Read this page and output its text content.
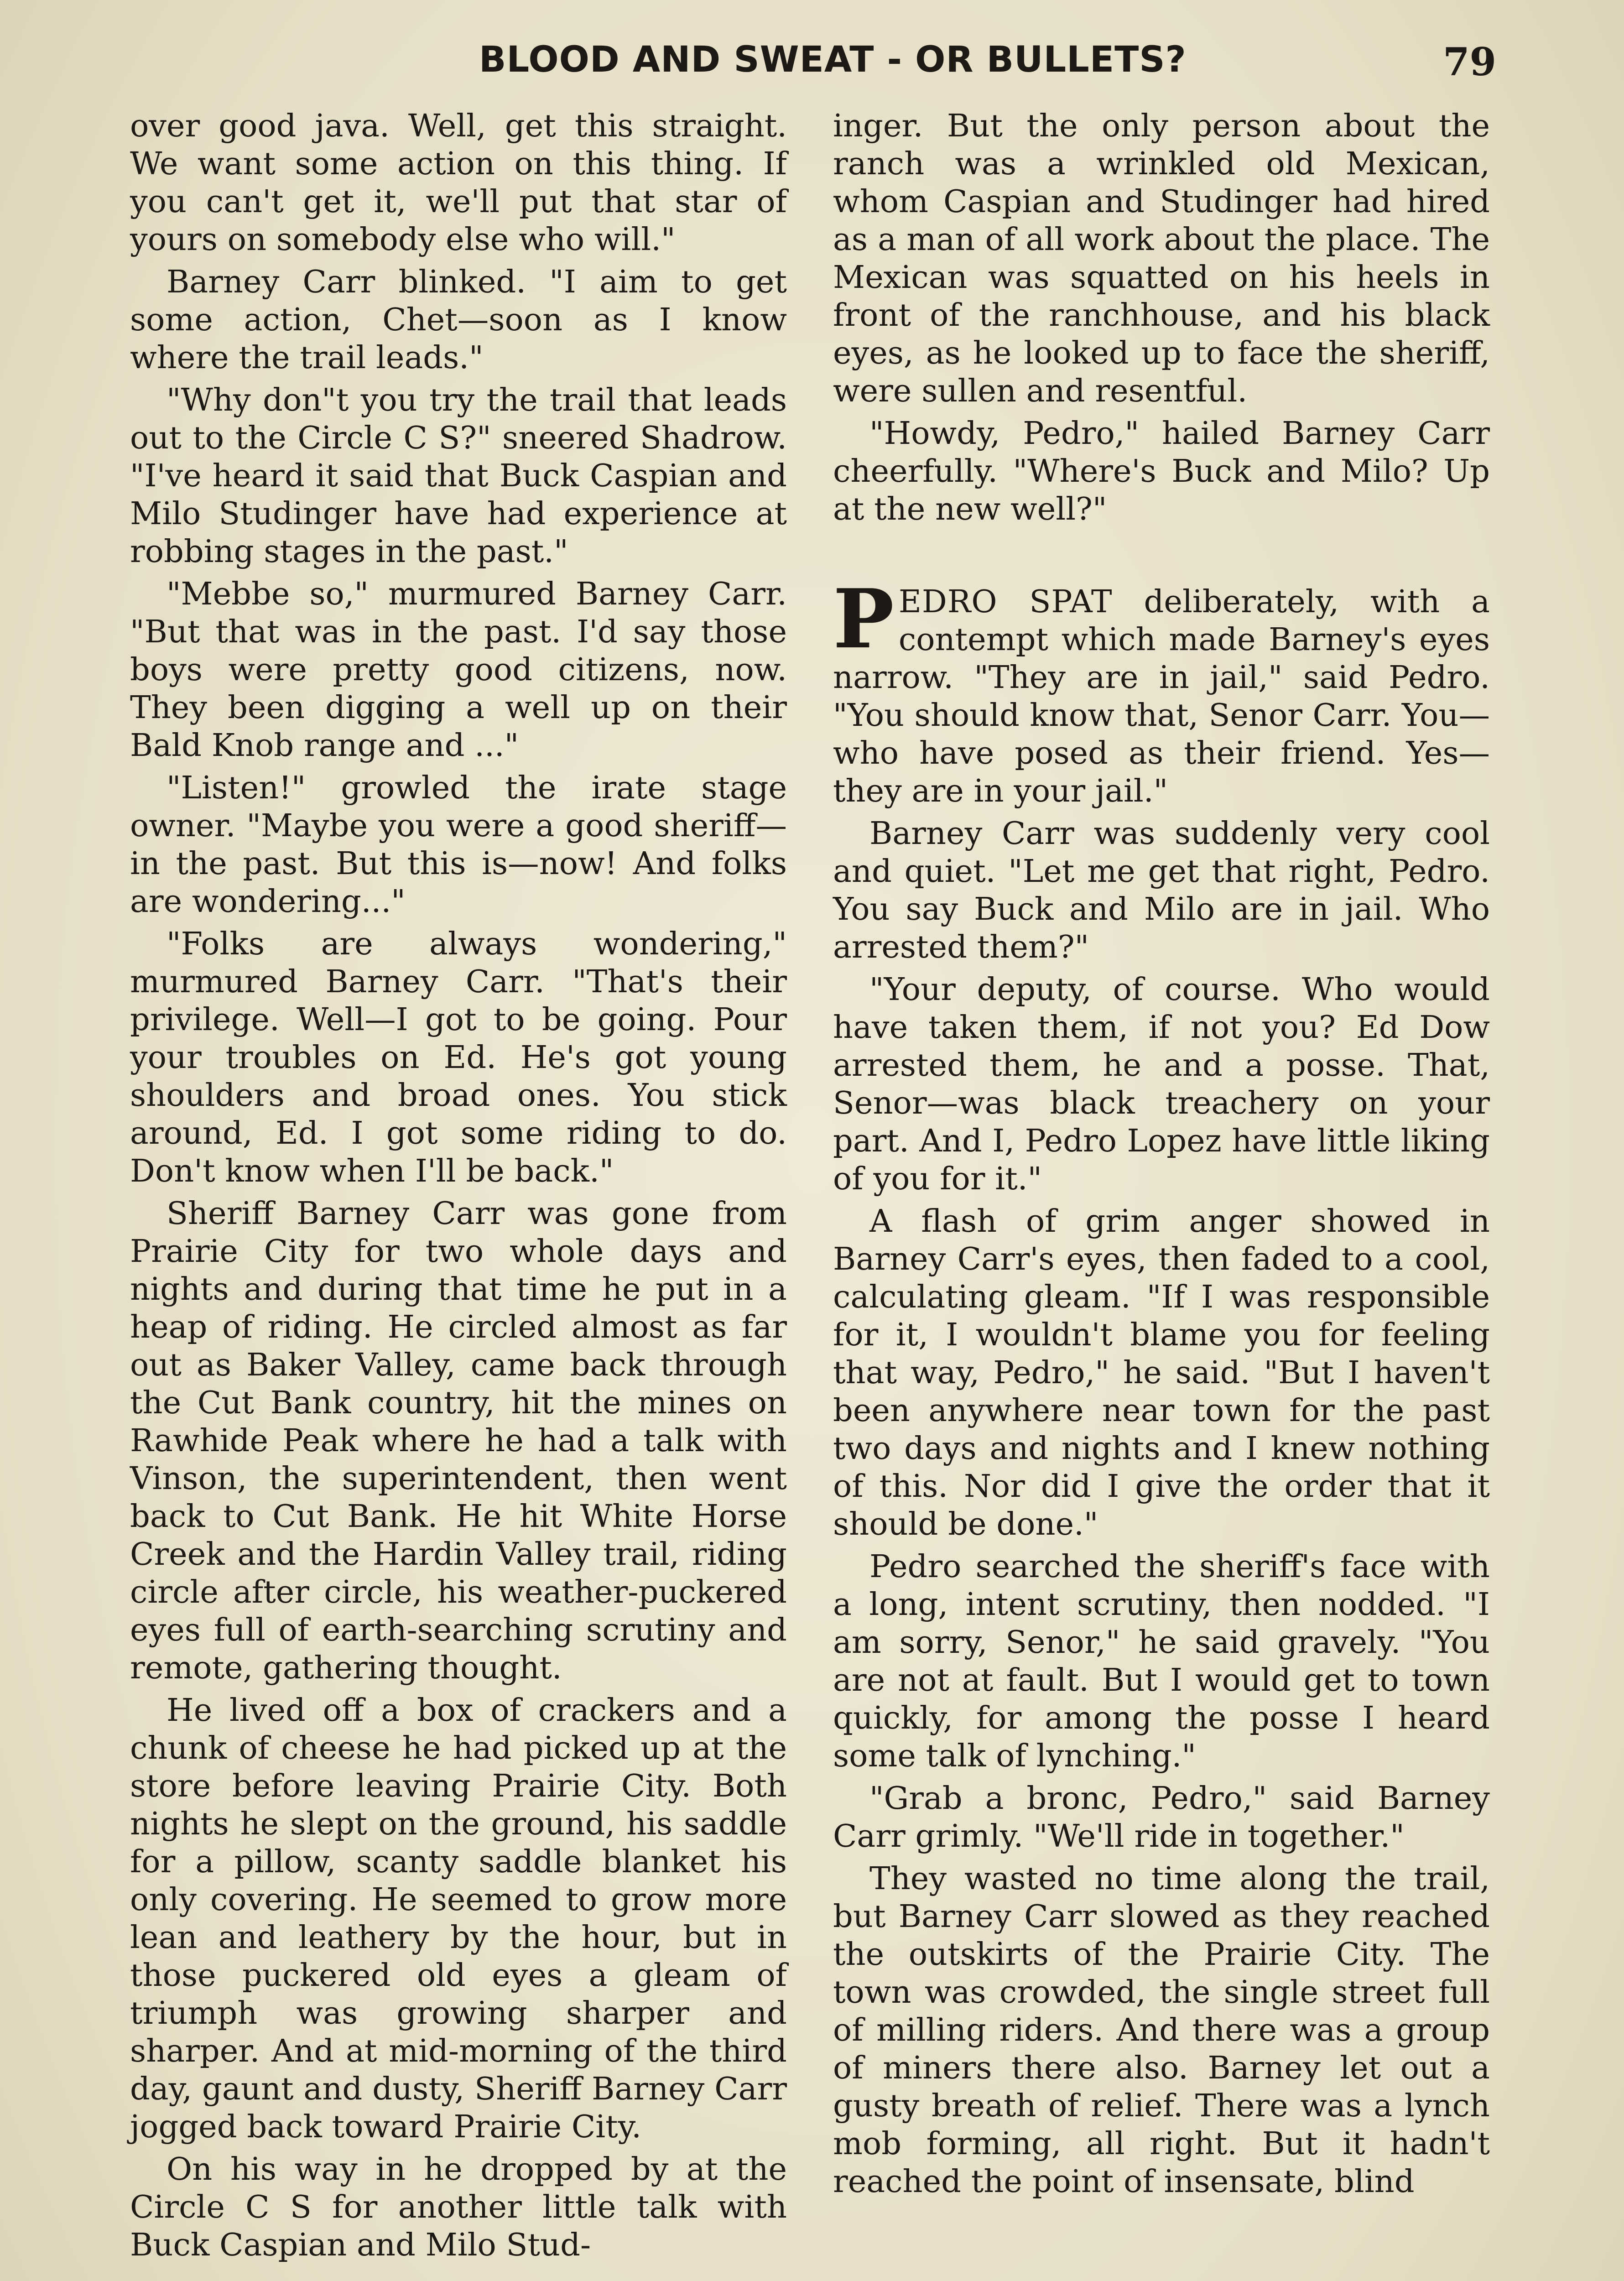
BLOOD AND SWEAT - OR BULLETS?	79

over good java. Well, get this straight. We want some action on this thing. If you can't get it, we'll put that star of yours on somebody else who will."

Barney Carr blinked. "I aim to get some action, Chet—soon as I know where the trail leads."

"Why don"t you try the trail that leads out to the Circle C S?" sneered Shadrow. "I've heard it said that Buck Caspian and Milo Studinger have had experience at robbing stages in the past."

"Mebbe so," murmured Barney Carr. "But that was in the past. I'd say those boys were pretty good citizens, now. They been digging a well up on their Bald Knob range and ..."

"Listen!" growled the irate stage owner. "Maybe you were a good sheriff—in the past. But this is—now! And folks are wondering..."

"Folks are always wondering," murmured Barney Carr. "That's their privilege. Well—I got to be going. Pour your troubles on Ed. He's got young shoulders and broad ones. You stick around, Ed. I got some riding to do. Don't know when I'll be back."

Sheriff Barney Carr was gone from Prairie City for two whole days and nights and during that time he put in a heap of riding. He circled almost as far out as Baker Valley, came back through the Cut Bank country, hit the mines on Rawhide Peak where he had a talk with Vinson, the superintendent, then went back to Cut Bank. He hit White Horse Creek and the Hardin Valley trail, riding circle after circle, his weather-puckered eyes full of earth-searching scrutiny and remote, gathering thought.

He lived off a box of crackers and a chunk of cheese he had picked up at the store before leaving Prairie City. Both nights he slept on the ground, his saddle for a pillow, scanty saddle blanket his only covering. He seemed to grow more lean and leathery by the hour, but in those puckered old eyes a gleam of triumph was growing sharper and sharper. And at mid-morning of the third day, gaunt and dusty, Sheriff Barney Carr jogged back toward Prairie City.

On his way in he dropped by at the Circle C S for another little talk with Buck Caspian and Milo Stud-

inger. But the only person about the ranch was a wrinkled old Mexican, whom Caspian and Studinger had hired as a man of all work about the place. The Mexican was squatted on his heels in front of the ranchhouse, and his black eyes, as he looked up to face the sheriff, were sullen and resentful.

"Howdy, Pedro," hailed Barney Carr cheerfully. "Where's Buck and Milo? Up at the new well?"

PEDRO SPAT deliberately, with a contempt which made Barney's eyes narrow. "They are in jail," said Pedro. "You should know that, Senor Carr. You—who have posed as their friend. Yes—they are in your jail."

Barney Carr was suddenly very cool and quiet. "Let me get that right, Pedro. You say Buck and Milo are in jail. Who arrested them?"

"Your deputy, of course. Who would have taken them, if not you? Ed Dow arrested them, he and a posse. That, Senor—was black treachery on your part. And I, Pedro Lopez have little liking of you for it."

A flash of grim anger showed in Barney Carr's eyes, then faded to a cool, calculating gleam. "If I was responsible for it, I wouldn't blame you for feeling that way, Pedro," he said. "But I haven't been anywhere near town for the past two days and nights and I knew nothing of this. Nor did I give the order that it should be done."

Pedro searched the sheriff's face with a long, intent scrutiny, then nodded. "I am sorry, Senor," he said gravely. "You are not at fault. But I would get to town quickly, for among the posse I heard some talk of lynching."

"Grab a bronc, Pedro," said Barney Carr grimly. "We'll ride in together."

They wasted no time along the trail, but Barney Carr slowed as they reached the outskirts of the Prairie City. The town was crowded, the single street full of milling riders. And there was a group of miners there also. Barney let out a gusty breath of relief. There was a lynch mob forming, all right. But it hadn't reached the point of insensate, blind
